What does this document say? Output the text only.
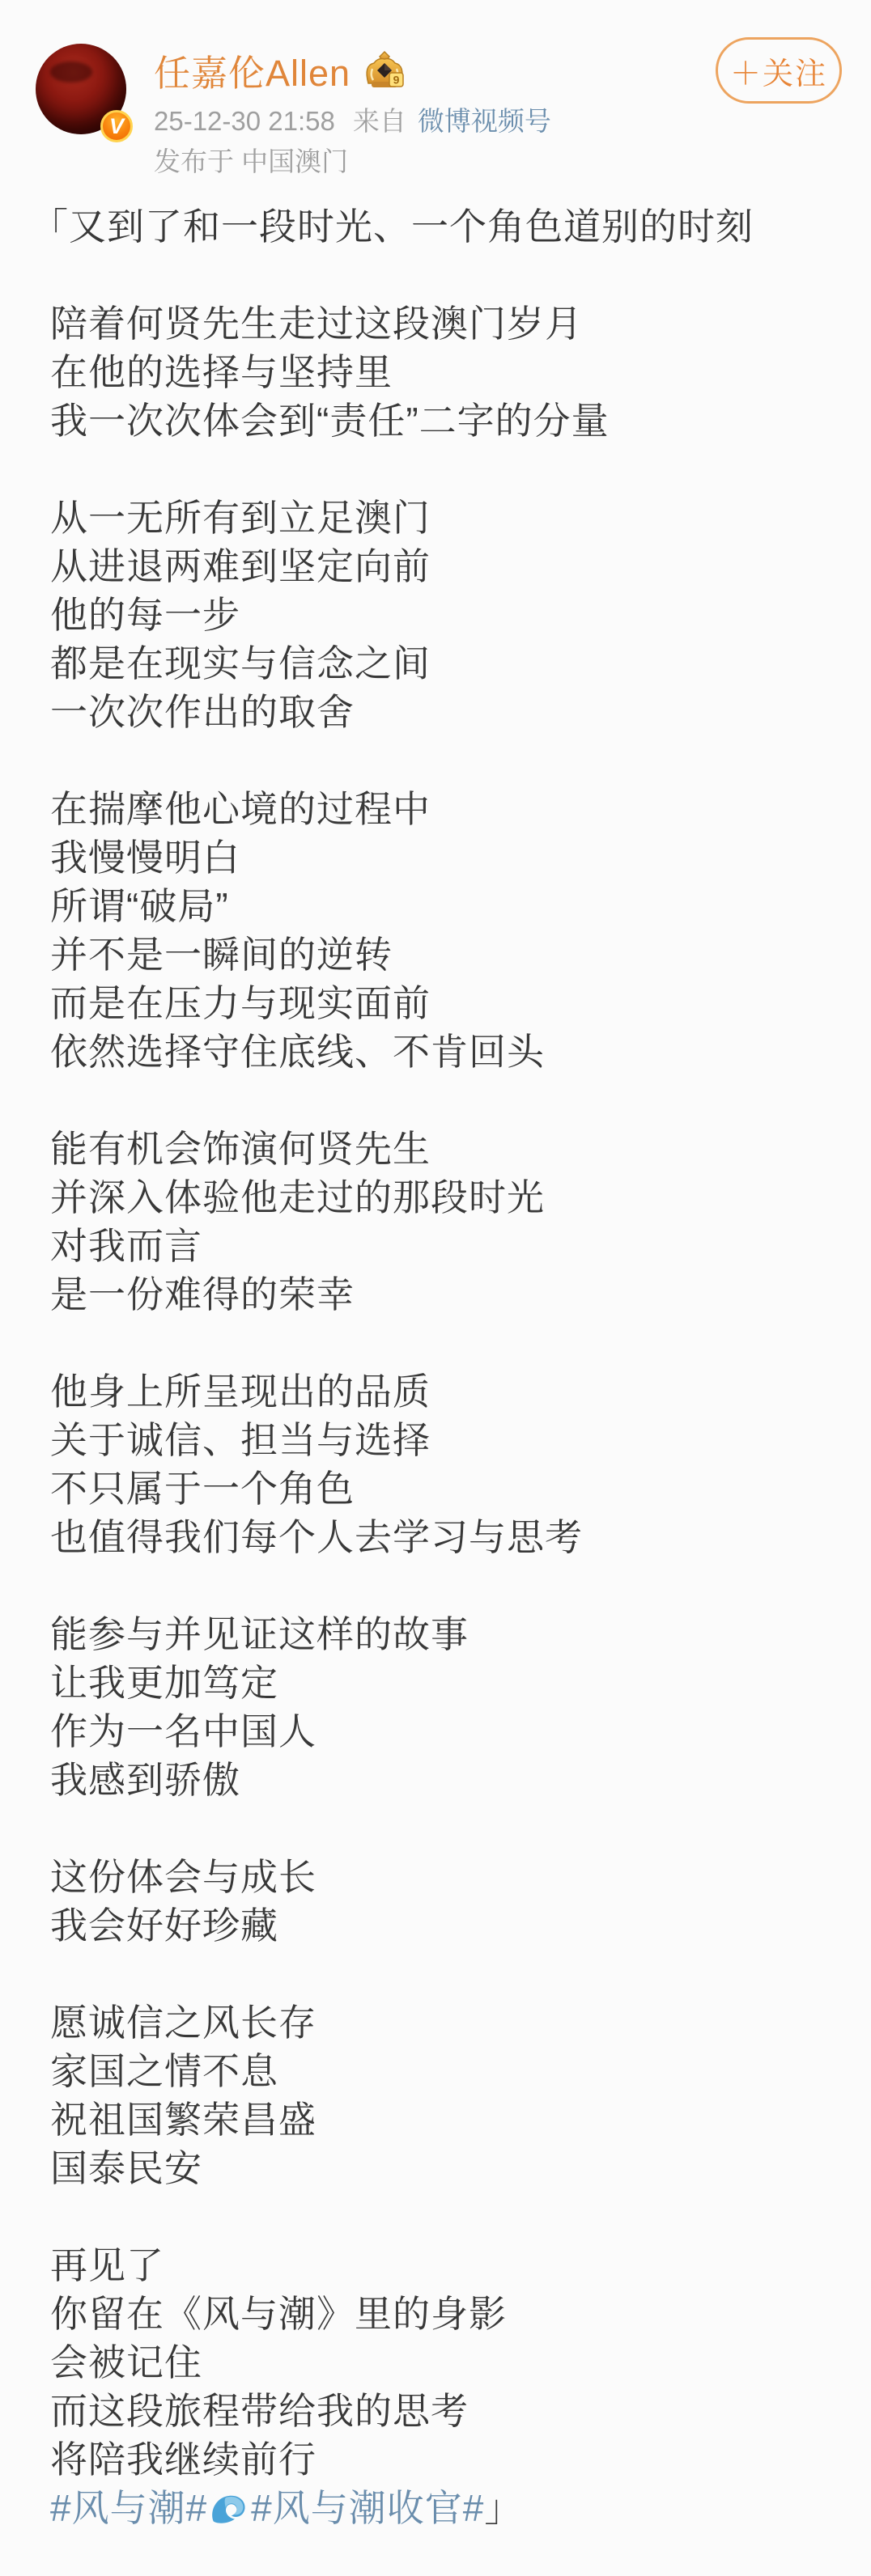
V
任嘉伦Allen	9
25-12-30 21:58 来自 微博视频号
发布于 中国澳门
＋关注
「又到了和一段时光、一个角色道别的时刻
陪着何贤先生走过这段澳门岁月
在他的选择与坚持里
我一次次体会到“责任”二字的分量
从一无所有到立足澳门
从进退两难到坚定向前
他的每一步
都是在现实与信念之间
一次次作出的取舍
在揣摩他心境的过程中
我慢慢明白
所谓“破局”
并不是一瞬间的逆转
而是在压力与现实面前
依然选择守住底线、不肯回头
能有机会饰演何贤先生
并深入体验他走过的那段时光
对我而言
是一份难得的荣幸
他身上所呈现出的品质
关于诚信、担当与选择
不只属于一个角色
也值得我们每个人去学习与思考
能参与并见证这样的故事
让我更加笃定
作为一名中国人
我感到骄傲
这份体会与成长
我会好好珍藏
愿诚信之风长存
家国之情不息
祝祖国繁荣昌盛
国泰民安
再见了
你留在《风与潮》里的身影
会被记住
而这段旅程带给我的思考
将陪我继续前行
#风与潮# #风与潮收官#」
